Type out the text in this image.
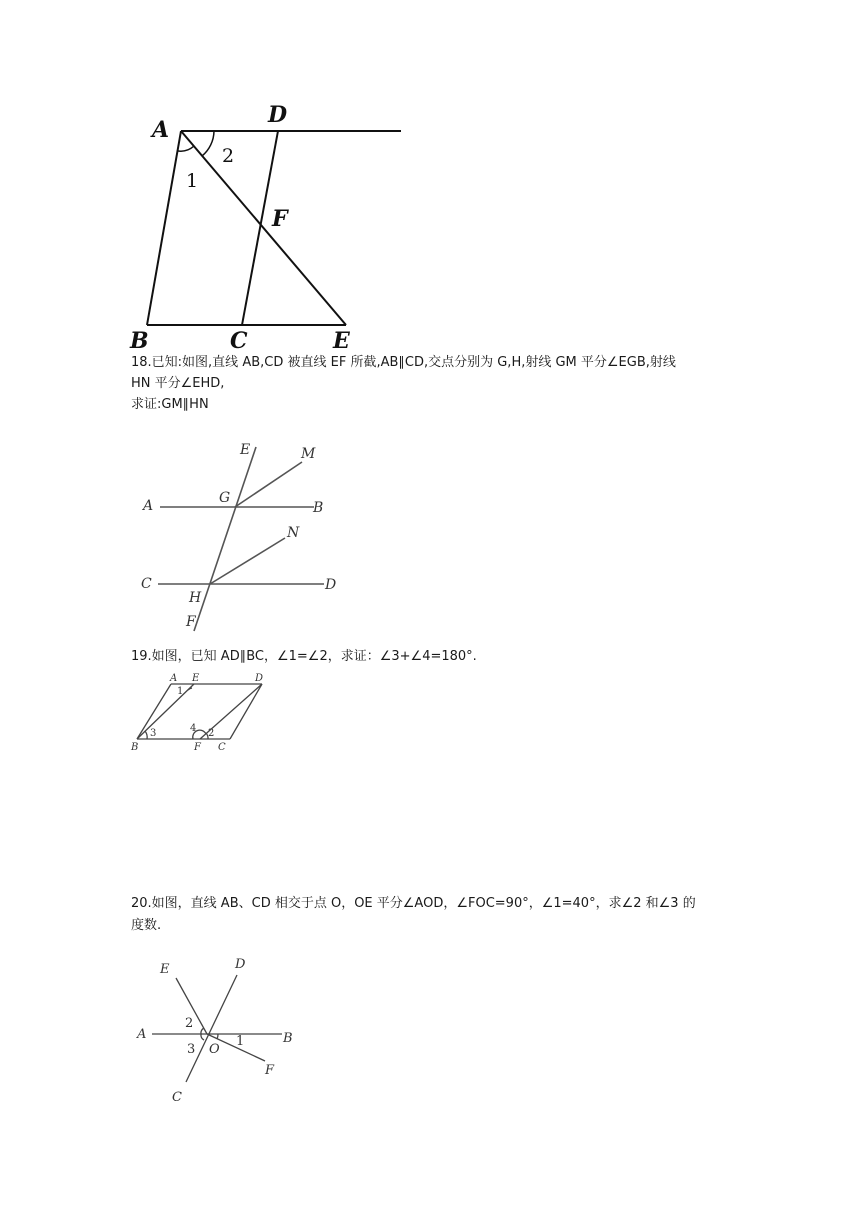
A
D
F
B	C	E
2
1
18.已知:如图,直线 AB,CD 被直线 EF 所截,AB∥CD,交点分别为 G,H,射线 GM 平分∠EGB,射线
HN 平分∠EHD,
求证:GM∥HN
E	M
A	G
B
N
C	D
H
F
19.如图，已知 AD∥BC，∠1=∠2，求证：∠3+∠4=180°.
A E	D
B	F C
1
3	4 2
20.如图，直线 AB、CD 相交于点 O，OE 平分∠AOD，∠FOC=90°，∠1=40°，求∠2 和∠3 的
度数.
E	D
A	B
O
F
C
2
3
1
